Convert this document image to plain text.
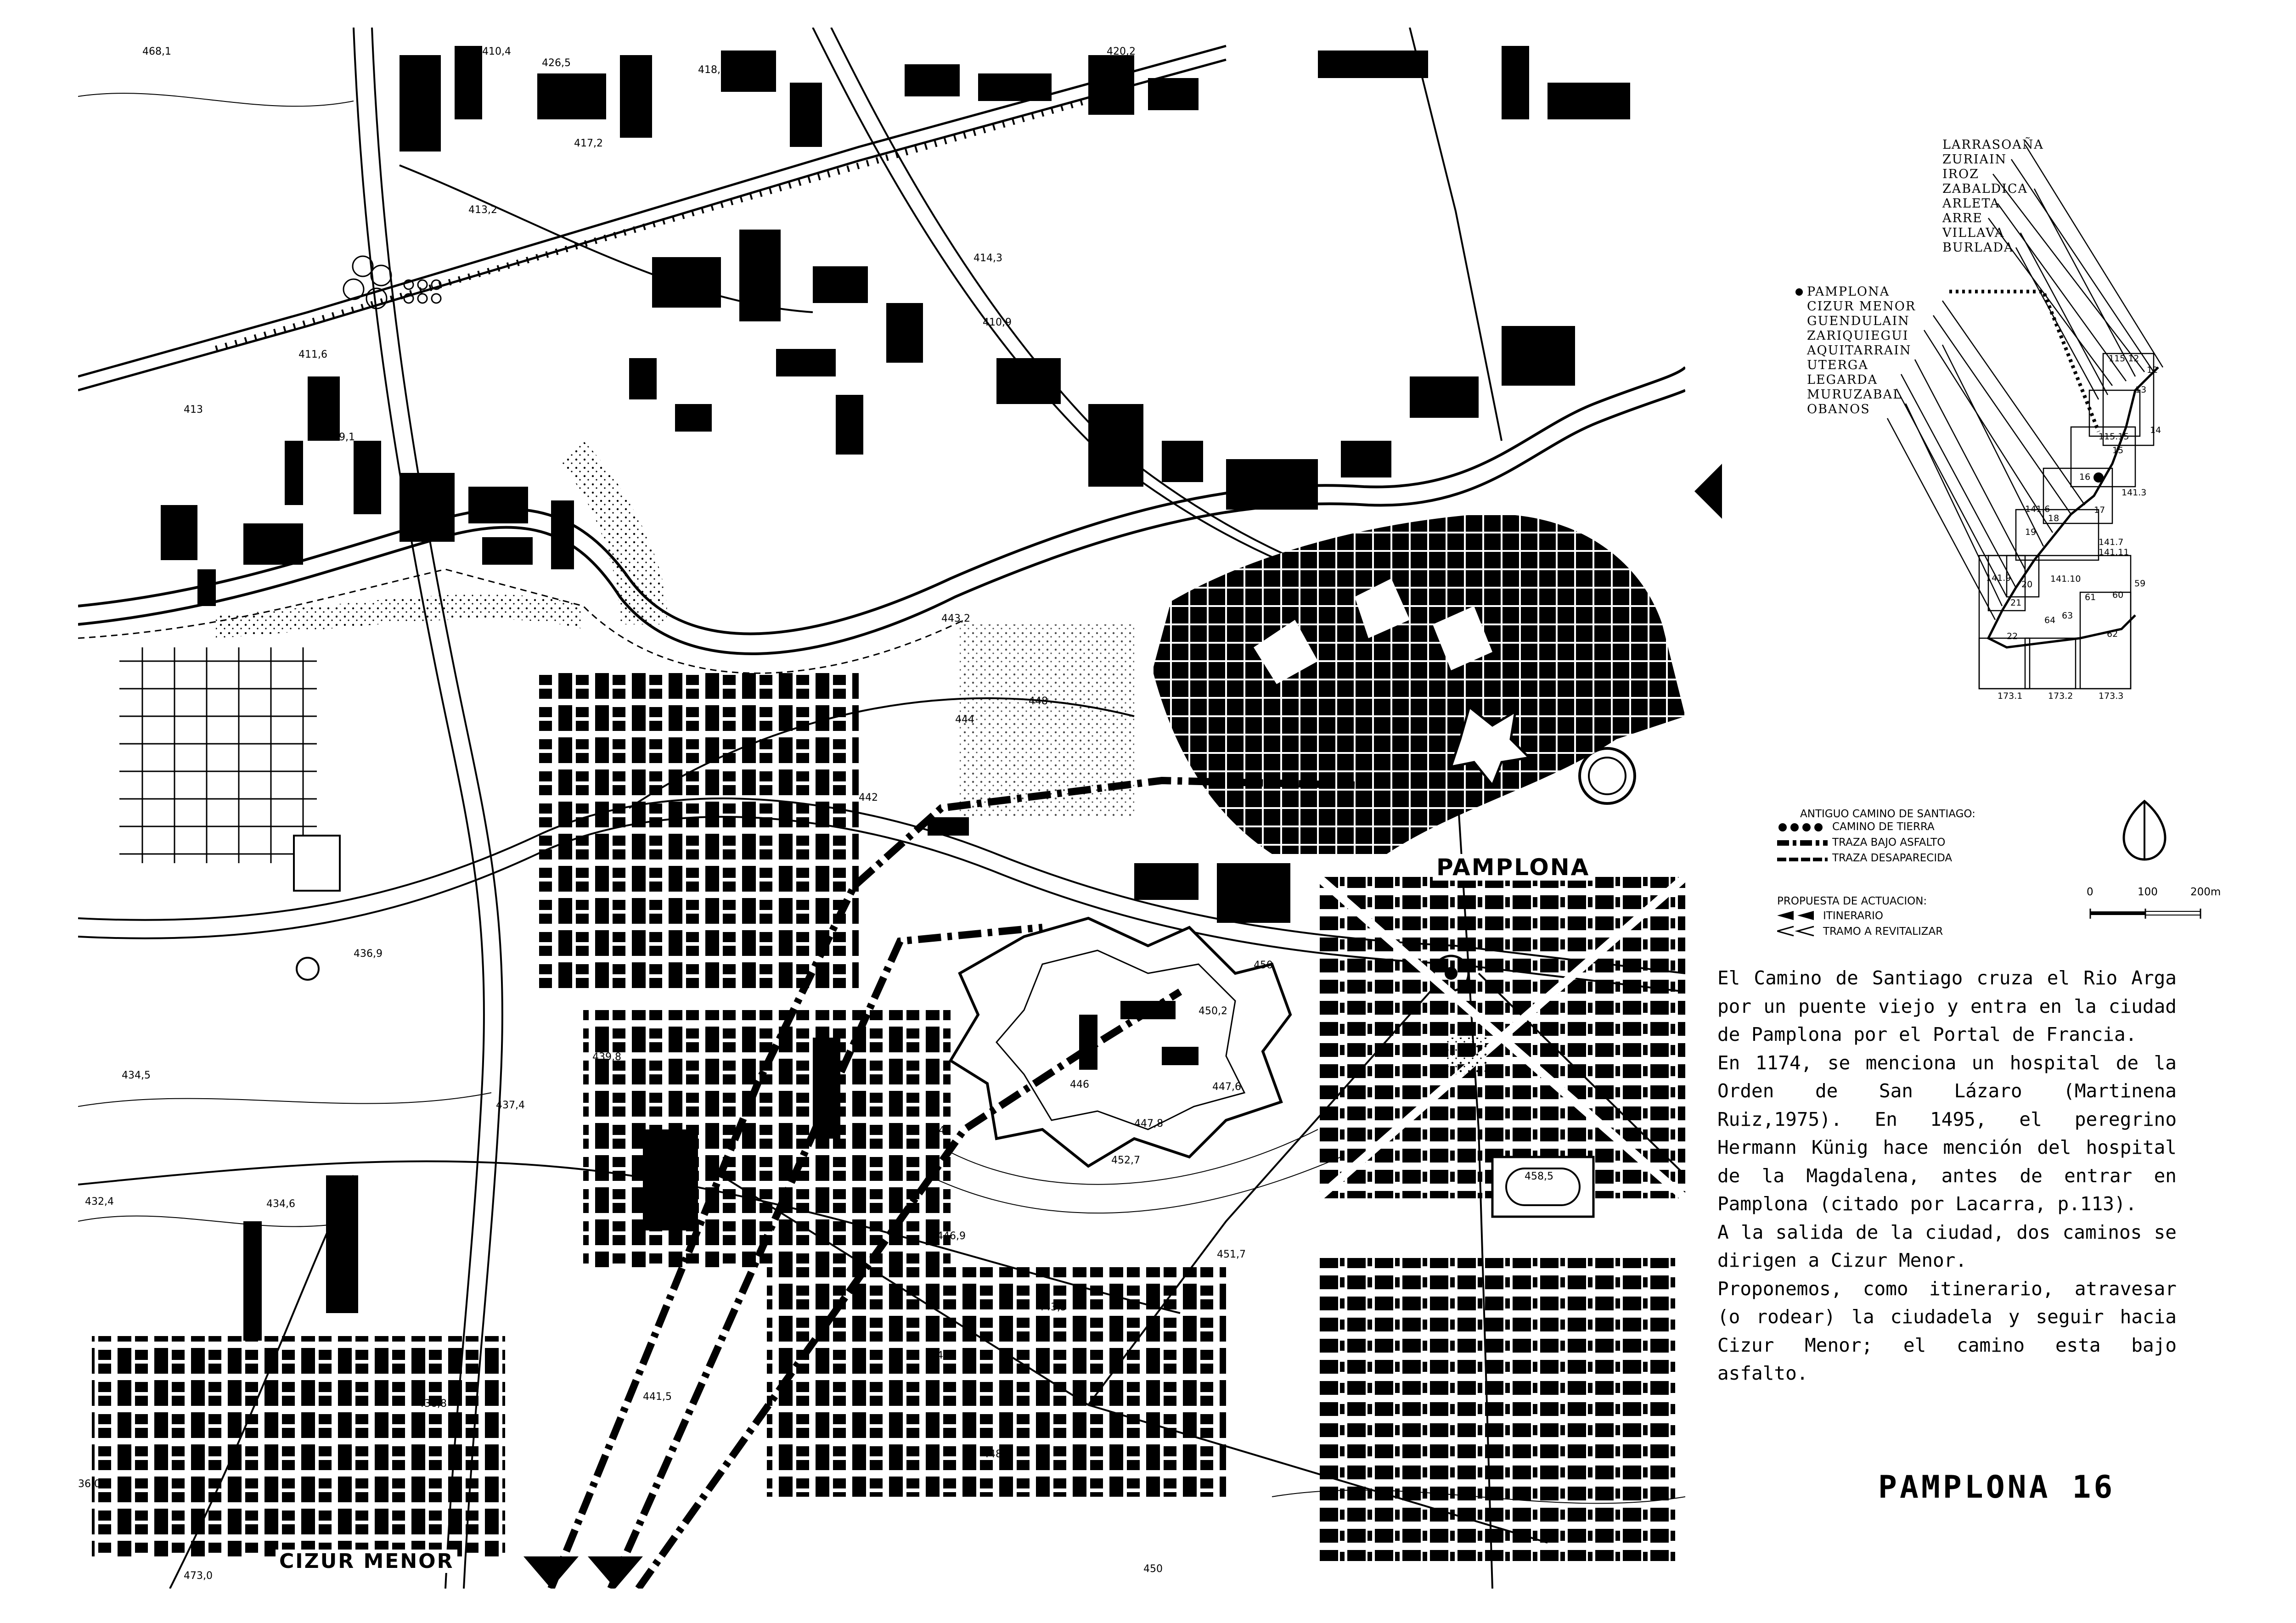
468,1	410,4
426,5
418,7
420,2
417,2
413,2
414,3
410,9
411,6
413
409,1
443,2
444
448
442
439,8
436,9
437,4
434,5
432,4	434,6
447
446	447,6
447,8
452,7
450,2
450
458,5
451,7
446,9
443,5
447
436,8
441,5
448,4
450
473,0
36,0
PAMPLONA
CIZUR MENOR
LARRASOAÑA
ZURIAIN
IROZ
ZABALDICA
ARLETA
ARRE
VILLAVA
BURLADA
PAMPLONA
CIZUR MENOR
GUENDULAIN
ZARIQUIEGUI
AQUITARRAIN
UTERGA
LEGARDA
MURUZABAL
OBANOS
115.12
12
13
14
115.15
15
16
17
141.3
141.6
18
19
141.7
141.11
141.9
20
141.10
61 60
59
21
22
64 63
62
173.1	173.2	173.3
ANTIGUO CAMINO DE SANTIAGO:
CAMINO DE TIERRA
TRAZA BAJO ASFALTO
TRAZA DESAPARECIDA
PROPUESTA DE ACTUACION:
ITINERARIO
TRAMO A REVITALIZAR
0	100	200m

El Camino de Santiago cruza el Rio Arga por un puente viejo y entra en la ciudad de Pamplona por el Portal de Francia.

En 1174, se menciona un hospital de la Orden de San Lázaro (Martinena Ruiz,1975). En 1495, el peregrino Hermann Künig hace mención del hospital de la Magdalena, antes de entrar en Pamplona (citado por Lacarra, p.113).

A la salida de la ciudad, dos caminos se dirigen a Cizur Menor.

Proponemos, como itinerario, atravesar (o rodear) la ciudadela y seguir hacia Cizur Menor; el camino esta bajo asfalto.

PAMPLONA 16
